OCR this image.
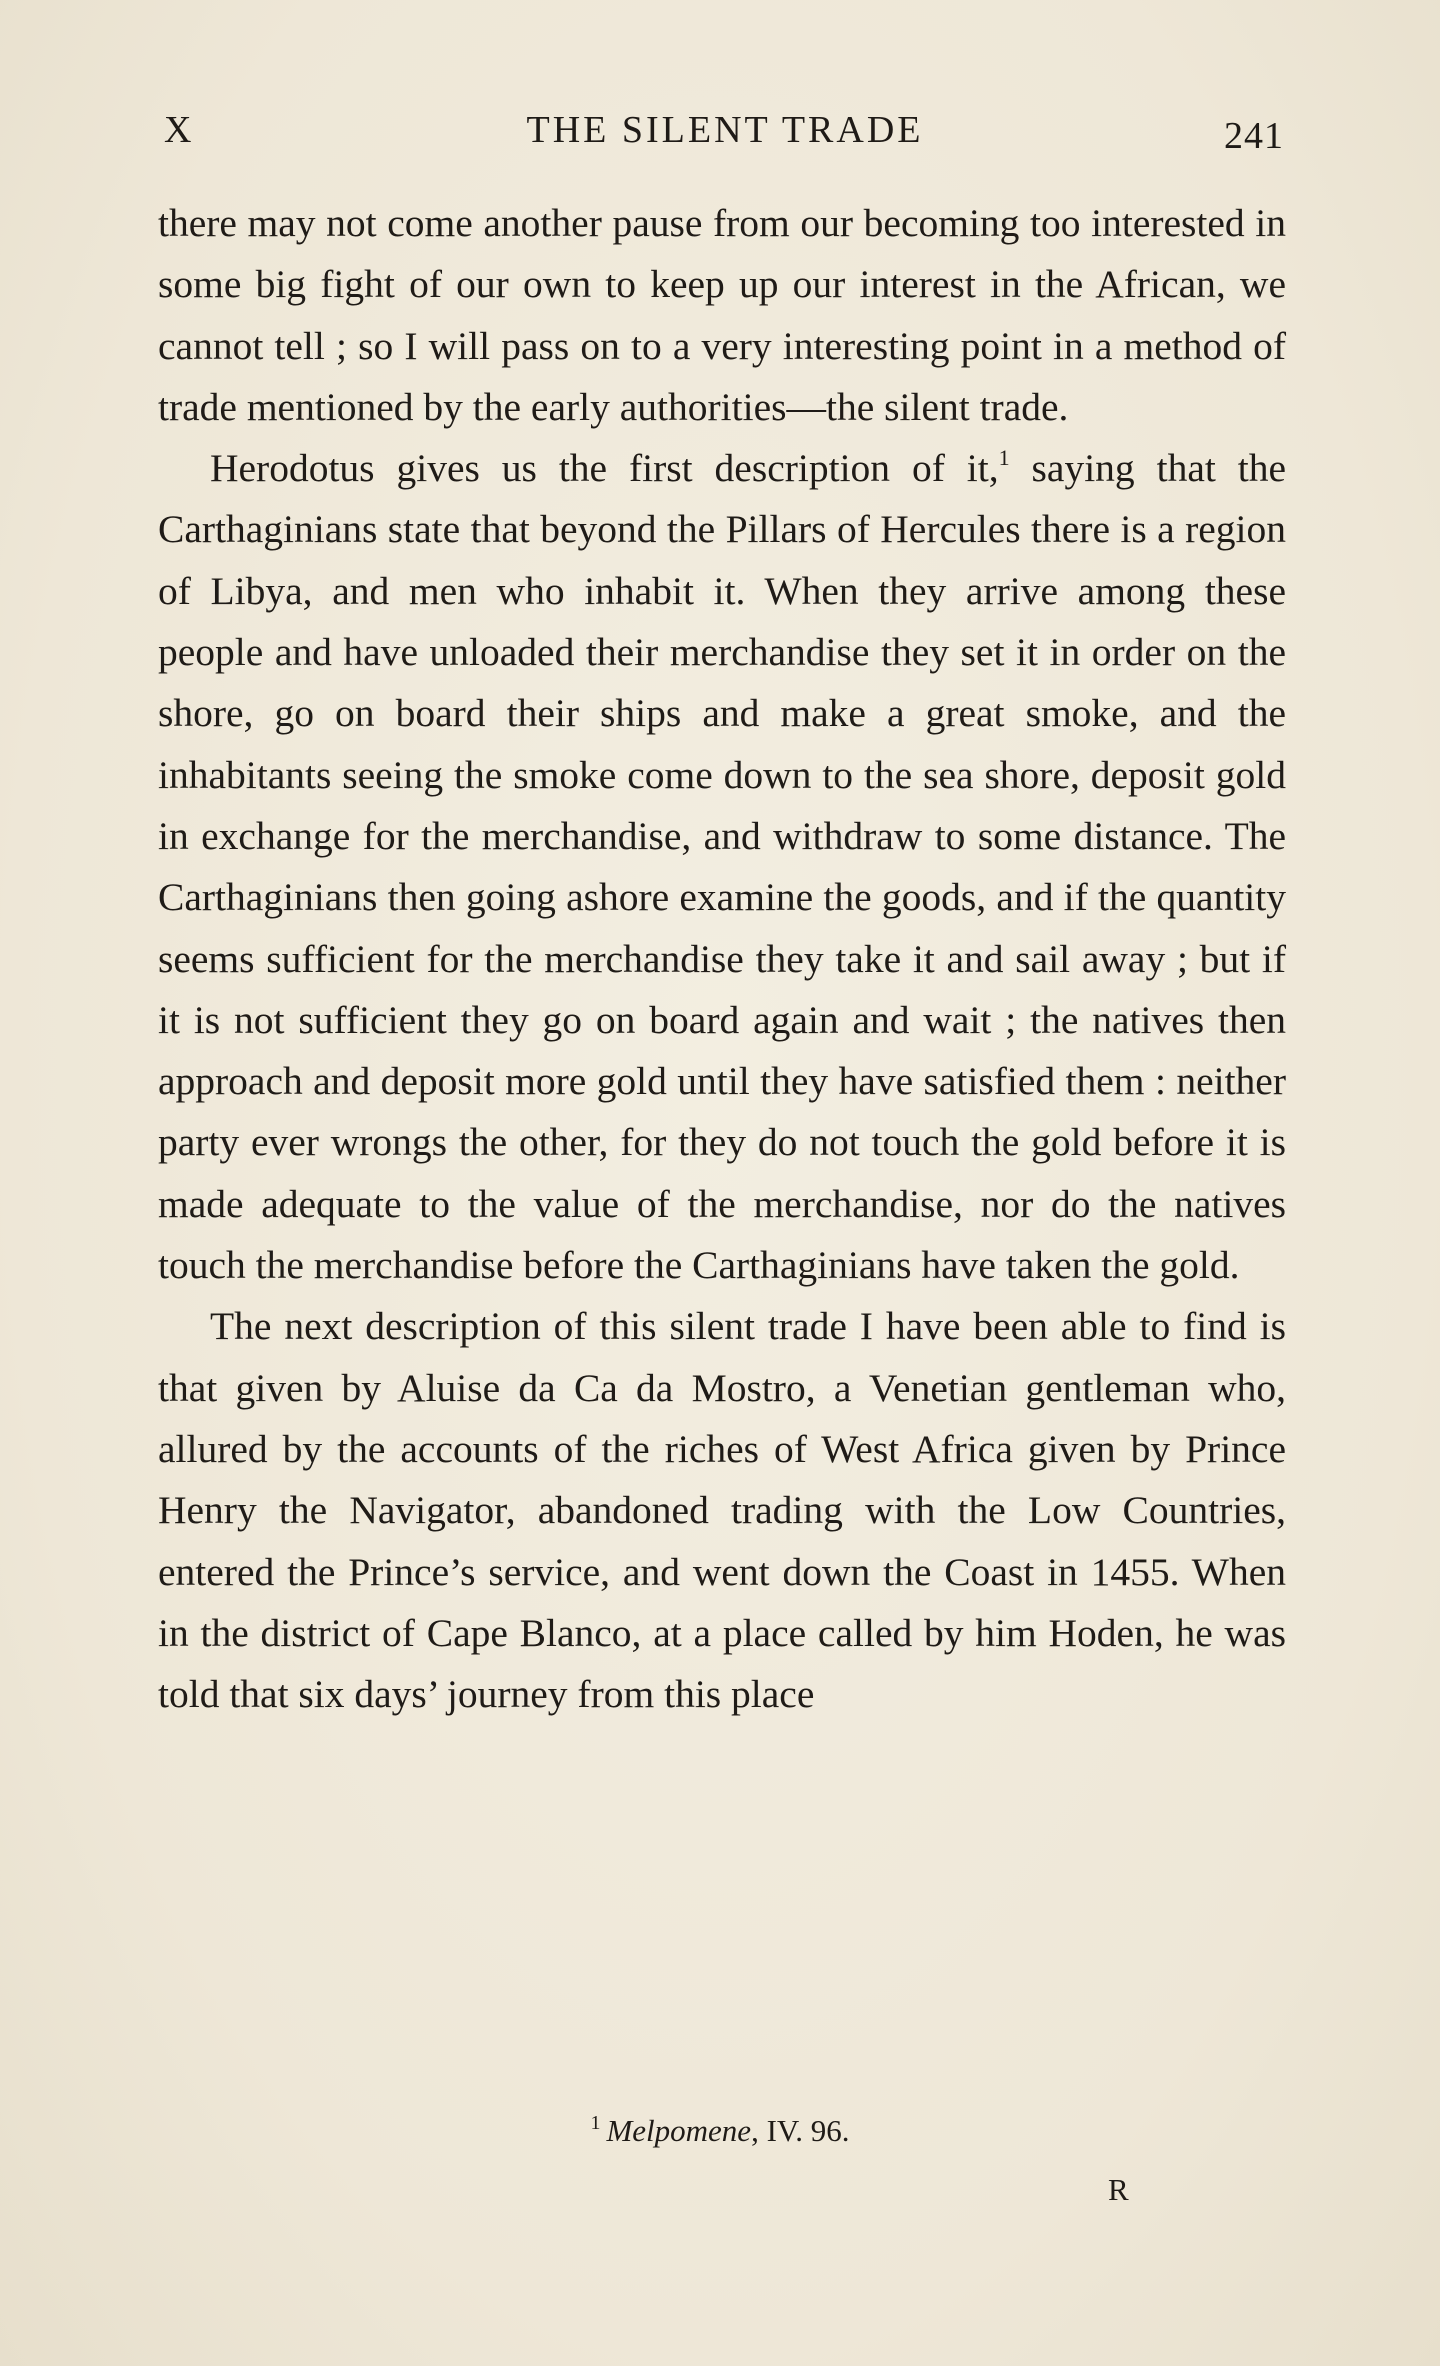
X	THE SILENT TRADE	241

there may not come another pause from our becoming too interested in some big fight of our own to keep up our interest in the African, we cannot tell ; so I will pass on to a very interesting point in a method of trade mentioned by the early authorities—the silent trade.

Herodotus gives us the first description of it,$^1$ saying that the Carthaginians state that beyond the Pillars of Hercules there is a region of Libya, and men who inhabit it. When they arrive among these people and have unloaded their merchandise they set it in order on the shore, go on board their ships and make a great smoke, and the inhabitants seeing the smoke come down to the sea shore, deposit gold in exchange for the merchandise, and withdraw to some distance. The Carthaginians then going ashore examine the goods, and if the quantity seems sufficient for the merchandise they take it and sail away ; but if it is not sufficient they go on board again and wait ; the natives then approach and deposit more gold until they have satisfied them : neither party ever wrongs the other, for they do not touch the gold before it is made adequate to the value of the merchandise, nor do the natives touch the merchandise before the Carthaginians have taken the gold.

The next description of this silent trade I have been able to find is that given by Aluise da Ca da Mostro, a Venetian gentleman who, allured by the accounts of the riches of West Africa given by Prince Henry the Navigator, abandoned trading with the Low Countries, entered the Prince’s service, and went down the Coast in 1455. When in the district of Cape Blanco, at a place called by him Hoden, he was told that six days’ journey from this place

$^1$ Melpomene, IV. 96.
R
